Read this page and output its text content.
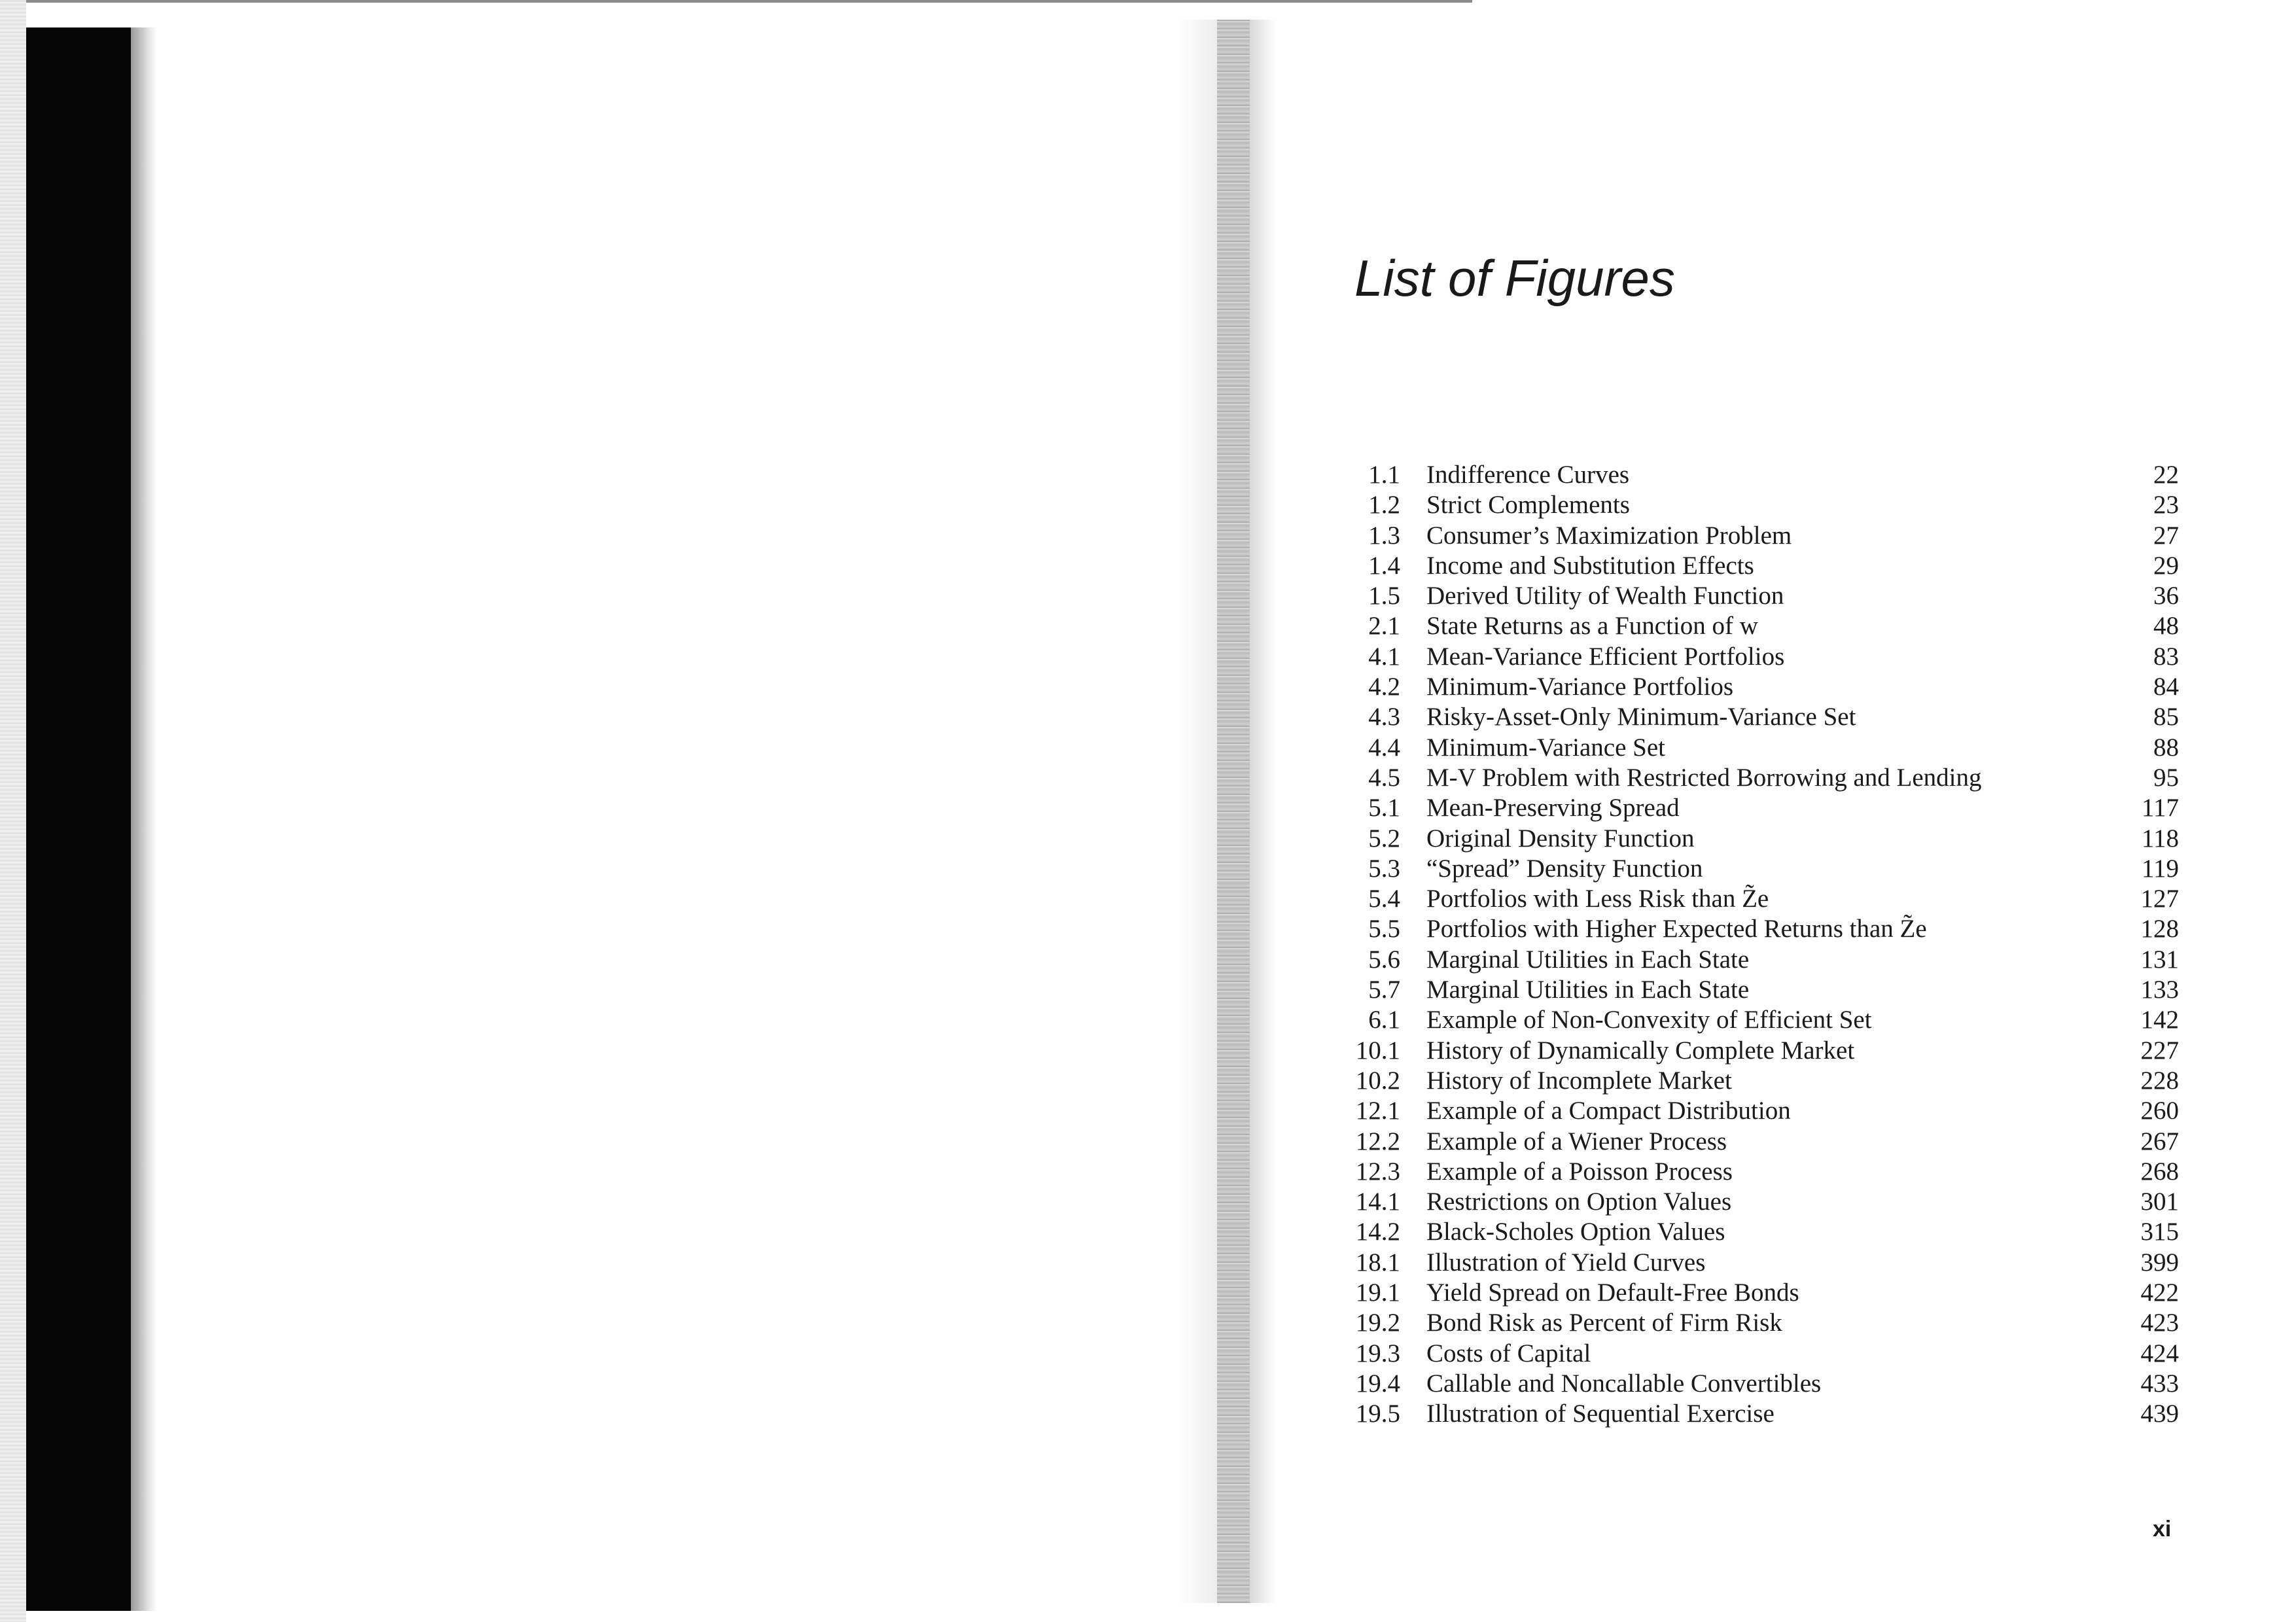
List of Figures
1.1 Indifference Curves	22
1.2 Strict Complements	23
1.3 Consumer’s Maximization Problem	27
1.4 Income and Substitution Effects	29
1.5 Derived Utility of Wealth Function	36
2.1 State Returns as a Function of w	48
4.1 Mean-Variance Efficient Portfolios	83
4.2 Minimum-Variance Portfolios	84
4.3 Risky-Asset-Only Minimum-Variance Set	85
4.4 Minimum-Variance Set	88
4.5 M-V Problem with Restricted Borrowing and Lending	95
5.1 Mean-Preserving Spread	117
5.2 Original Density Function	118
5.3 “Spread” Density Function	119
5.4 Portfolios with Less Risk than Z̃e	127
5.5 Portfolios with Higher Expected Returns than Z̃e	128
5.6 Marginal Utilities in Each State	131
5.7 Marginal Utilities in Each State	133
6.1 Example of Non-Convexity of Efficient Set	142
10.1 History of Dynamically Complete Market	227
10.2 History of Incomplete Market	228
12.1 Example of a Compact Distribution	260
12.2 Example of a Wiener Process	267
12.3 Example of a Poisson Process	268
14.1 Restrictions on Option Values	301
14.2 Black-Scholes Option Values	315
18.1 Illustration of Yield Curves	399
19.1 Yield Spread on Default-Free Bonds	422
19.2 Bond Risk as Percent of Firm Risk	423
19.3 Costs of Capital	424
19.4 Callable and Noncallable Convertibles	433
19.5 Illustration of Sequential Exercise	439
xi
